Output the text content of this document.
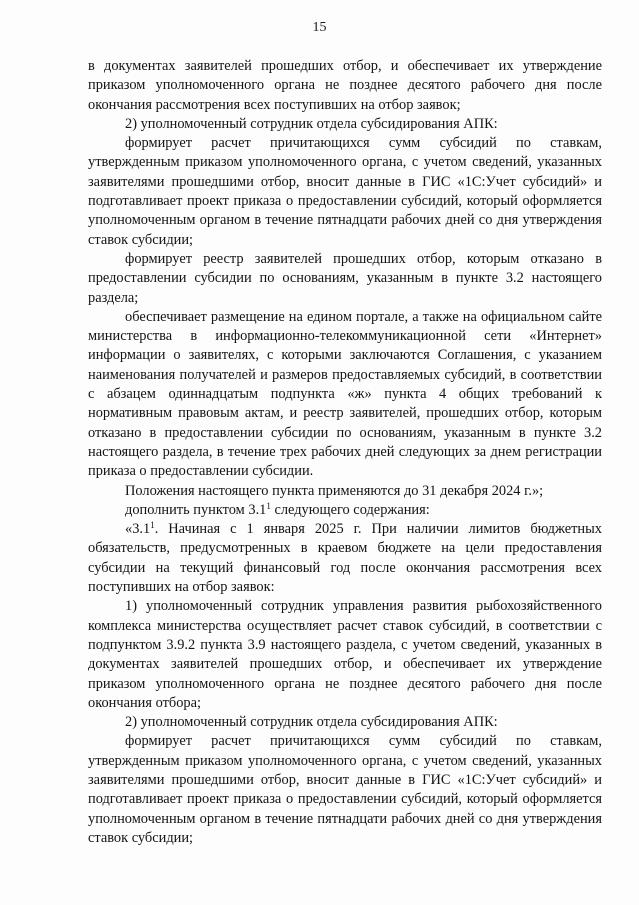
15

в документах заявителей прошедших отбор, и обеспечивает их утверждение приказом уполномоченного органа не позднее десятого рабочего дня после окончания рассмотрения всех поступивших на отбор заявок;

2) уполномоченный сотрудник отдела субсидирования АПК:

формирует расчет причитающихся сумм субсидий по ставкам, утвержденным приказом уполномоченного органа, с учетом сведений, указанных заявителями прошедшими отбор, вносит данные в ГИС «1С:Учет субсидий» и подготавливает проект приказа о предоставлении субсидий, который оформляется уполномоченным органом в течение пятнадцати рабочих дней со дня утверждения ставок субсидии;

формирует реестр заявителей прошедших отбор, которым отказано в предоставлении субсидии по основаниям, указанным в пункте 3.2 настоящего раздела;

обеспечивает размещение на едином портале, а также на официальном сайте министерства в информационно-телекоммуникационной сети «Интернет» информации о заявителях, с которыми заключаются Соглашения, с указанием наименования получателей и размеров предоставляемых субсидий, в соответствии с абзацем одиннадцатым подпункта «ж» пункта 4 общих требований к нормативным правовым актам, и реестр заявителей, прошедших отбор, которым отказано в предоставлении субсидии по основаниям, указанным в пункте 3.2 настоящего раздела, в течение трех рабочих дней следующих за днем регистрации приказа о предоставлении субсидии.

Положения настоящего пункта применяются до 31 декабря 2024 г.»;

дополнить пунктом $3.1^1$ следующего содержания:

«$3.1^1$. Начиная с 1 января 2025 г. При наличии лимитов бюджетных обязательств, предусмотренных в краевом бюджете на цели предоставления субсидии на текущий финансовый год после окончания рассмотрения всех поступивших на отбор заявок:

1) уполномоченный сотрудник управления развития рыбохозяйственного комплекса министерства осуществляет расчет ставок субсидий, в соответствии с подпунктом 3.9.2 пункта 3.9 настоящего раздела, с учетом сведений, указанных в документах заявителей прошедших отбор, и обеспечивает их утверждение приказом уполномоченного органа не позднее десятого рабочего дня после окончания отбора;

2) уполномоченный сотрудник отдела субсидирования АПК:

формирует расчет причитающихся сумм субсидий по ставкам, утвержденным приказом уполномоченного органа, с учетом сведений, указанных заявителями прошедшими отбор, вносит данные в ГИС «1С:Учет субсидий» и подготавливает проект приказа о предоставлении субсидий, который оформляется уполномоченным органом в течение пятнадцати рабочих дней со дня утверждения ставок субсидии;
